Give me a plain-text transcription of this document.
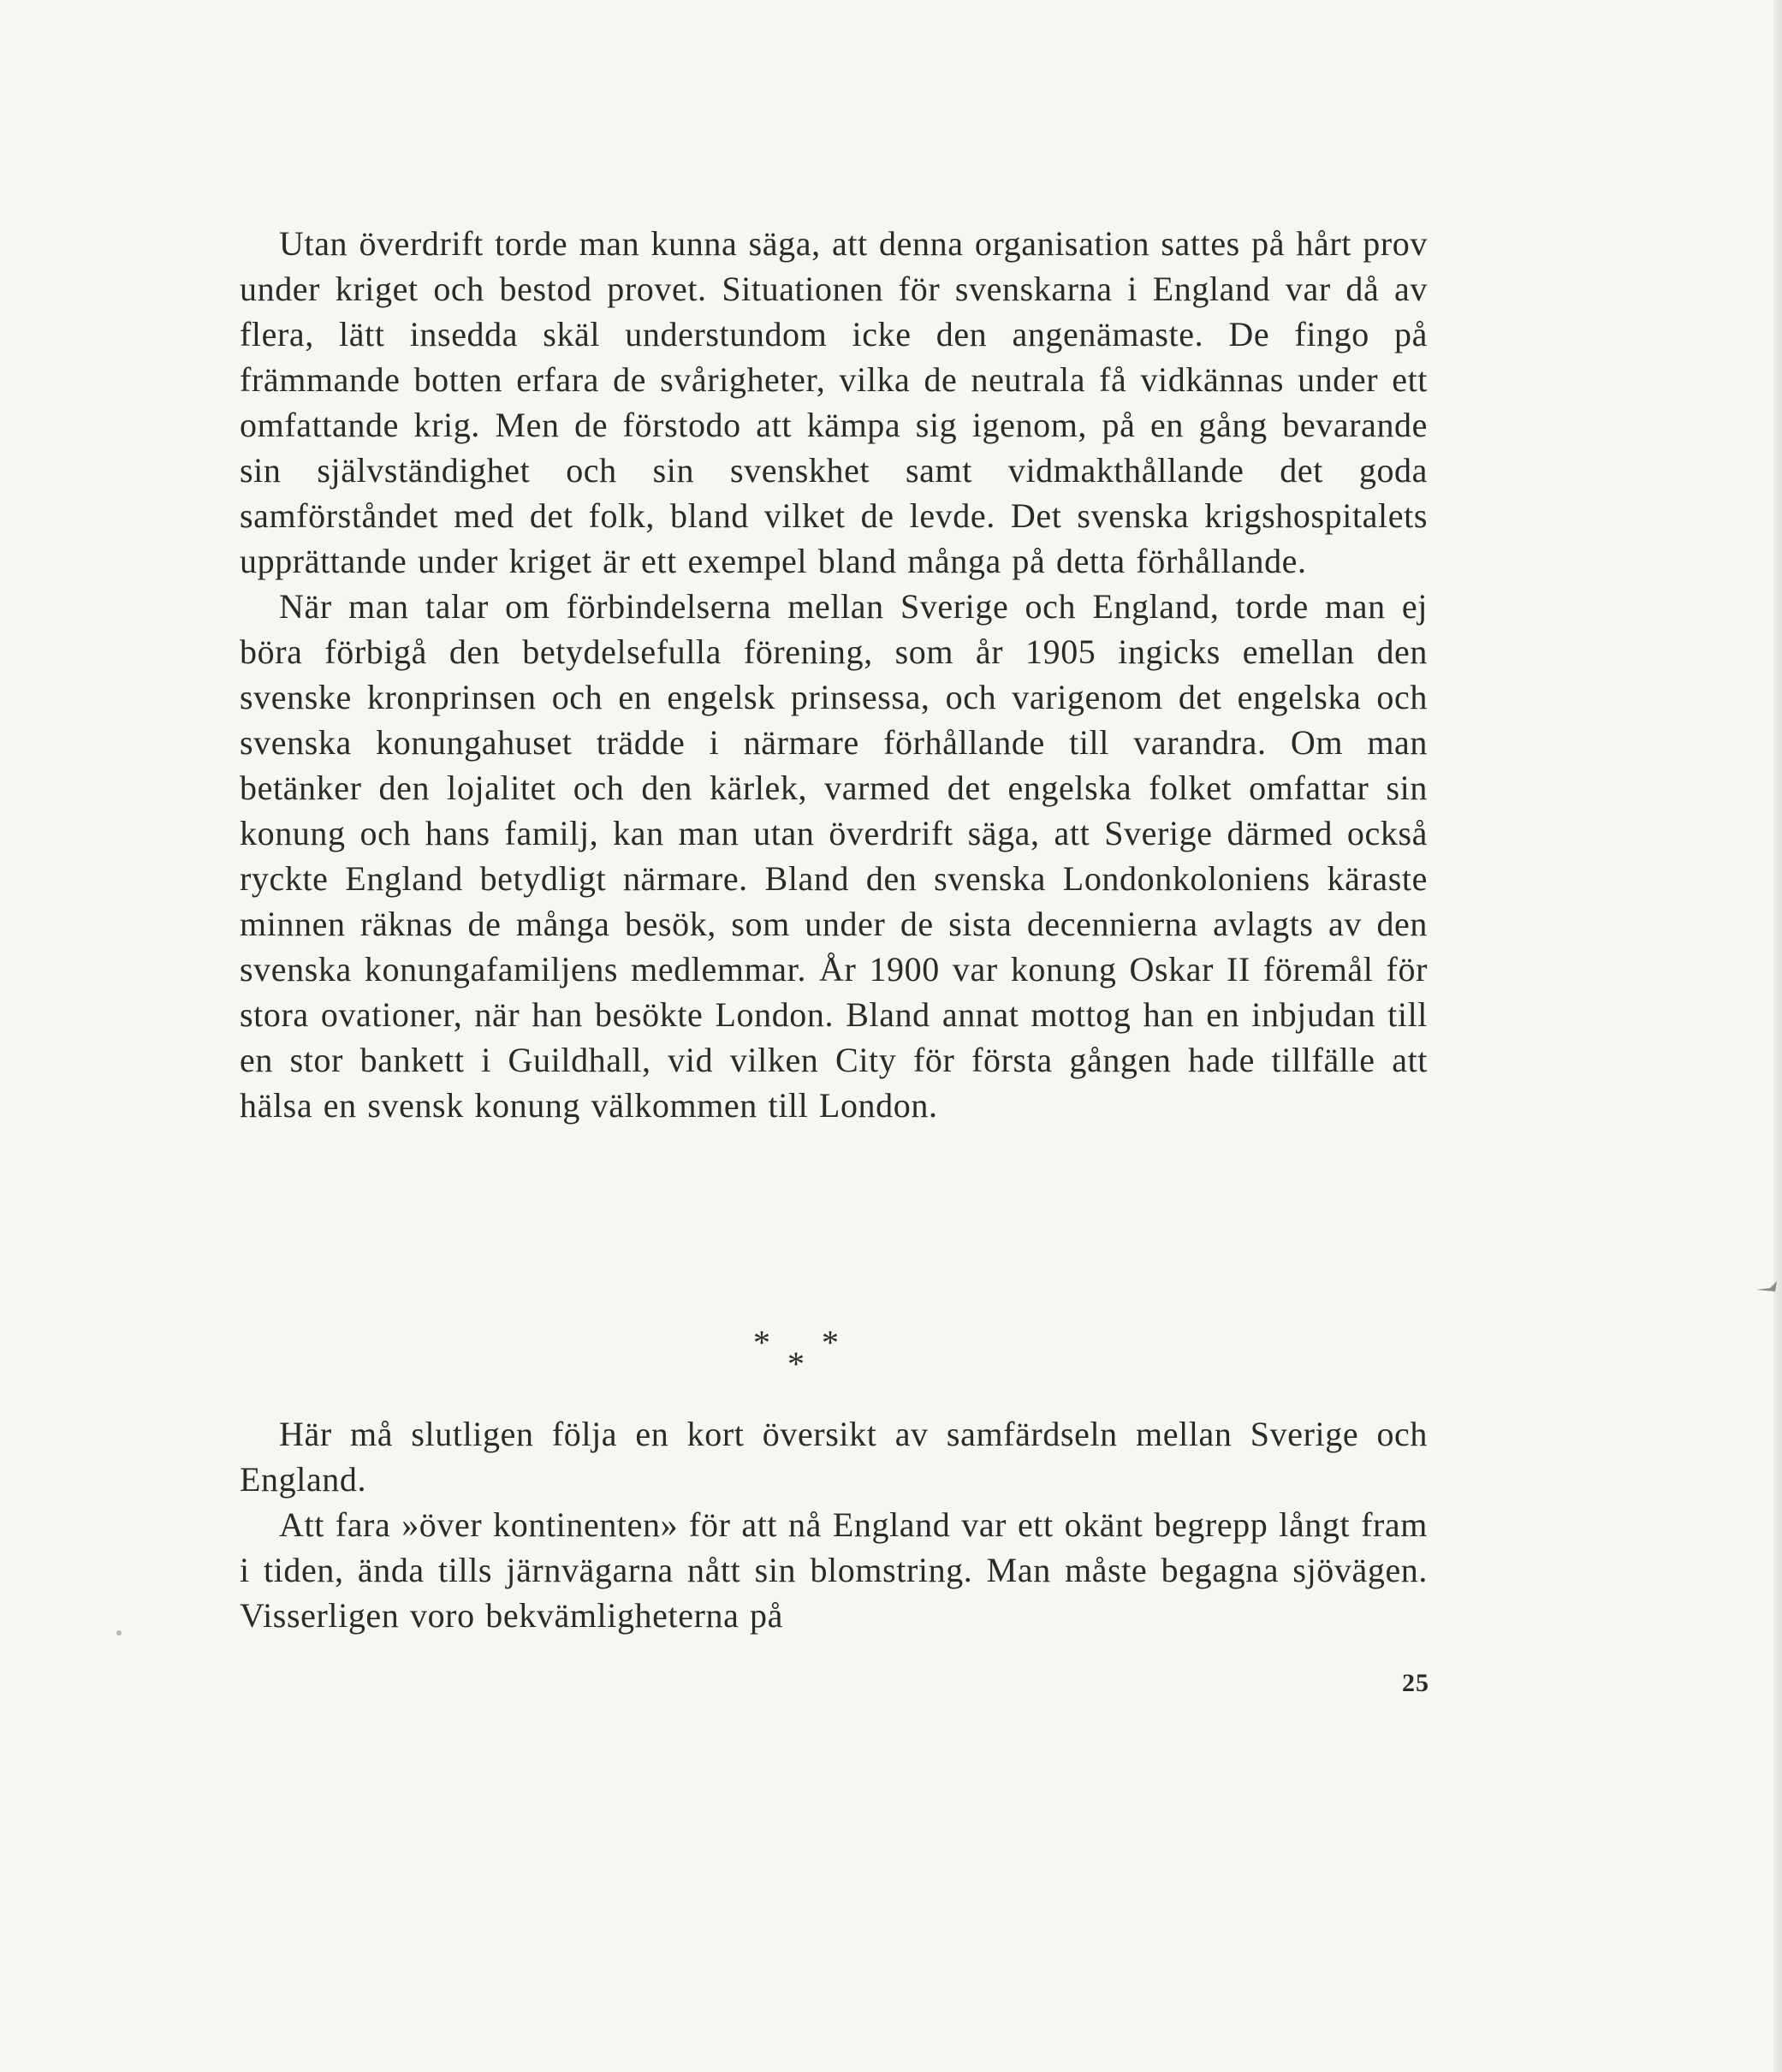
Utan överdrift torde man kunna säga, att denna organisation sattes på hårt prov under kriget och bestod provet. Situationen för svenskarna i England var då av flera, lätt insedda skäl understundom icke den angenämaste. De fingo på främmande botten erfara de svårigheter, vilka de neutrala få vidkännas under ett omfattande krig. Men de förstodo att kämpa sig igenom, på en gång bevarande sin självständighet och sin svenskhet samt vidmakthållande det goda samförståndet med det folk, bland vilket de levde. Det svenska krigshospitalets upprättande under kriget är ett exempel bland många på detta förhållande.

När man talar om förbindelserna mellan Sverige och England, torde man ej böra förbigå den betydelsefulla förening, som år 1905 ingicks emellan den svenske kronprinsen och en engelsk prinsessa, och varigenom det engelska och svenska konungahuset trädde i närmare förhållande till varandra. Om man betänker den lojalitet och den kärlek, varmed det engelska folket omfattar sin konung och hans familj, kan man utan överdrift säga, att Sverige därmed också ryckte England betydligt närmare. Bland den svenska Londonkoloniens käraste minnen räknas de många besök, som under de sista decennierna avlagts av den svenska konungafamiljens medlemmar. År 1900 var konung Oskar II föremål för stora ovationer, när han besökte London. Bland annat mottog han en inbjudan till en stor bankett i Guildhall, vid vilken City för första gången hade tillfälle att hälsa en svensk konung välkommen till London.

* *
*

Här må slutligen följa en kort översikt av samfärdseln mellan Sverige och England.

Att fara »över kontinenten» för att nå England var ett okänt begrepp långt fram i tiden, ända tills järnvägarna nått sin blomstring. Man måste begagna sjövägen. Visserligen voro bekvämligheterna på

25
